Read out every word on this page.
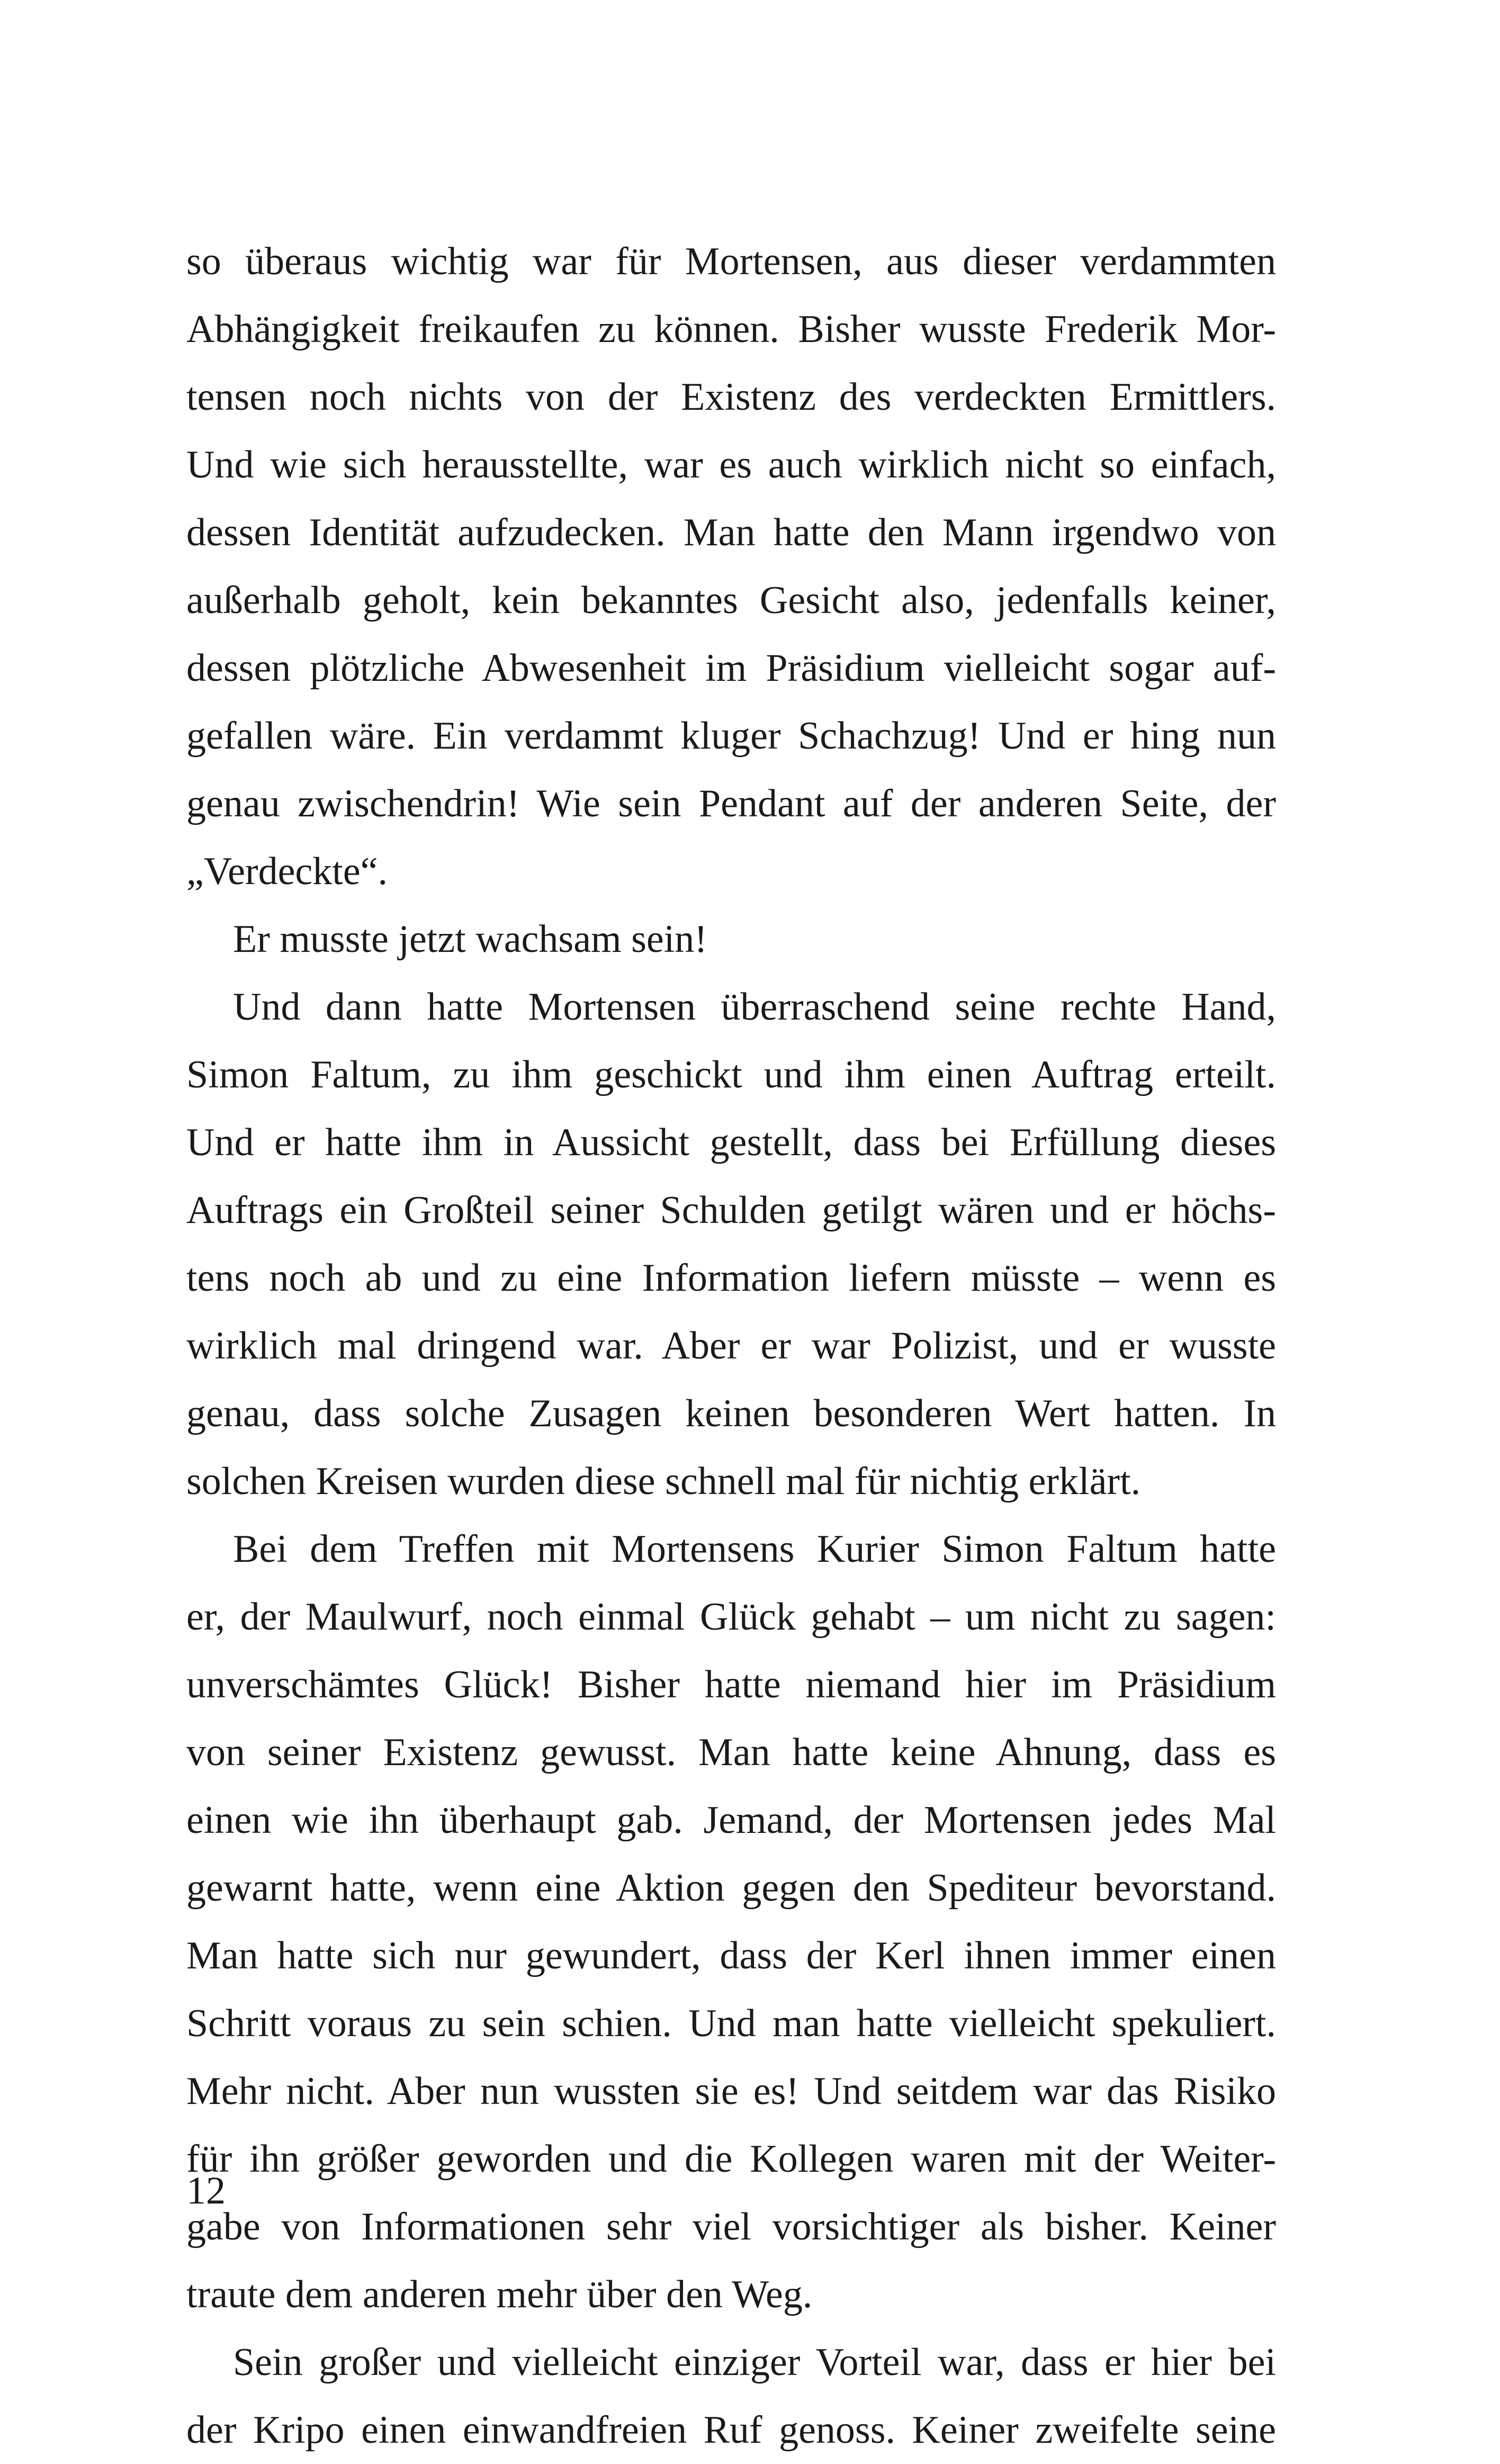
so überaus wichtig war für Mortensen, aus dieser verdammten
Abhängigkeit freikaufen zu können. Bisher wusste Frederik Mor-
tensen noch nichts von der Existenz des verdeckten Ermittlers.
Und wie sich herausstellte, war es auch wirklich nicht so einfach,
dessen Identität aufzudecken. Man hatte den Mann irgendwo von
außerhalb geholt, kein bekanntes Gesicht also, jedenfalls keiner,
dessen plötzliche Abwesenheit im Präsidium vielleicht sogar auf-
gefallen wäre. Ein verdammt kluger Schachzug! Und er hing nun
genau zwischendrin! Wie sein Pendant auf der anderen Seite, der
„Verdeckte“.
Er musste jetzt wachsam sein!
Und dann hatte Mortensen überraschend seine rechte Hand,
Simon Faltum, zu ihm geschickt und ihm einen Auftrag erteilt.
Und er hatte ihm in Aussicht gestellt, dass bei Erfüllung dieses
Auftrags ein Großteil seiner Schulden getilgt wären und er höchs-
tens noch ab und zu eine Information liefern müsste – wenn es
wirklich mal dringend war. Aber er war Polizist, und er wusste
genau, dass solche Zusagen keinen besonderen Wert hatten. In
solchen Kreisen wurden diese schnell mal für nichtig erklärt.
Bei dem Treffen mit Mortensens Kurier Simon Faltum hatte
er, der Maulwurf, noch einmal Glück gehabt – um nicht zu sagen:
unverschämtes Glück! Bisher hatte niemand hier im Präsidium
von seiner Existenz gewusst. Man hatte keine Ahnung, dass es
einen wie ihn überhaupt gab. Jemand, der Mortensen jedes Mal
gewarnt hatte, wenn eine Aktion gegen den Spediteur bevorstand.
Man hatte sich nur gewundert, dass der Kerl ihnen immer einen
Schritt voraus zu sein schien. Und man hatte vielleicht spekuliert.
Mehr nicht. Aber nun wussten sie es! Und seitdem war das Risiko
für ihn größer geworden und die Kollegen waren mit der Weiter-
gabe von Informationen sehr viel vorsichtiger als bisher. Keiner
traute dem anderen mehr über den Weg.
Sein großer und vielleicht einziger Vorteil war, dass er hier bei
der Kripo einen einwandfreien Ruf genoss. Keiner zweifelte seine
12
